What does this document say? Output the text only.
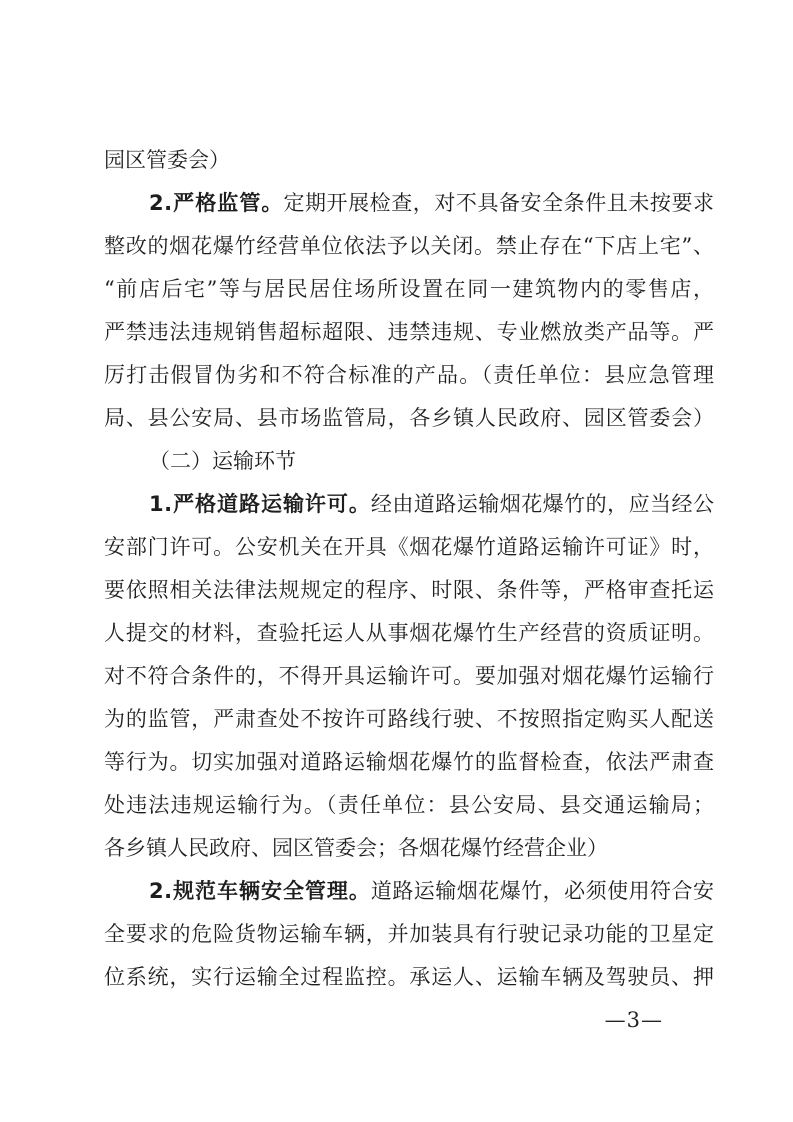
园区管委会）
2.严格监管。定期开展检查，对不具备安全条件且未按要求
整改的烟花爆竹经营单位依法予以关闭。禁止存在“下店上宅”、
“前店后宅”等与居民居住场所设置在同一建筑物内的零售店，
严禁违法违规销售超标超限、违禁违规、专业燃放类产品等。严
厉打击假冒伪劣和不符合标准的产品。（责任单位：县应急管理
局、县公安局、县市场监管局，各乡镇人民政府、园区管委会）
（二）运输环节
1.严格道路运输许可。经由道路运输烟花爆竹的，应当经公
安部门许可。公安机关在开具《烟花爆竹道路运输许可证》时，
要依照相关法律法规规定的程序、时限、条件等，严格审查托运
人提交的材料，查验托运人从事烟花爆竹生产经营的资质证明。
对不符合条件的，不得开具运输许可。要加强对烟花爆竹运输行
为的监管，严肃查处不按许可路线行驶、不按照指定购买人配送
等行为。切实加强对道路运输烟花爆竹的监督检查，依法严肃查
处违法违规运输行为。（责任单位：县公安局、县交通运输局；
各乡镇人民政府、园区管委会；各烟花爆竹经营企业）
2.规范车辆安全管理。道路运输烟花爆竹，必须使用符合安
全要求的危险货物运输车辆，并加装具有行驶记录功能的卫星定
位系统，实行运输全过程监控。承运人、运输车辆及驾驶员、押
—3—
